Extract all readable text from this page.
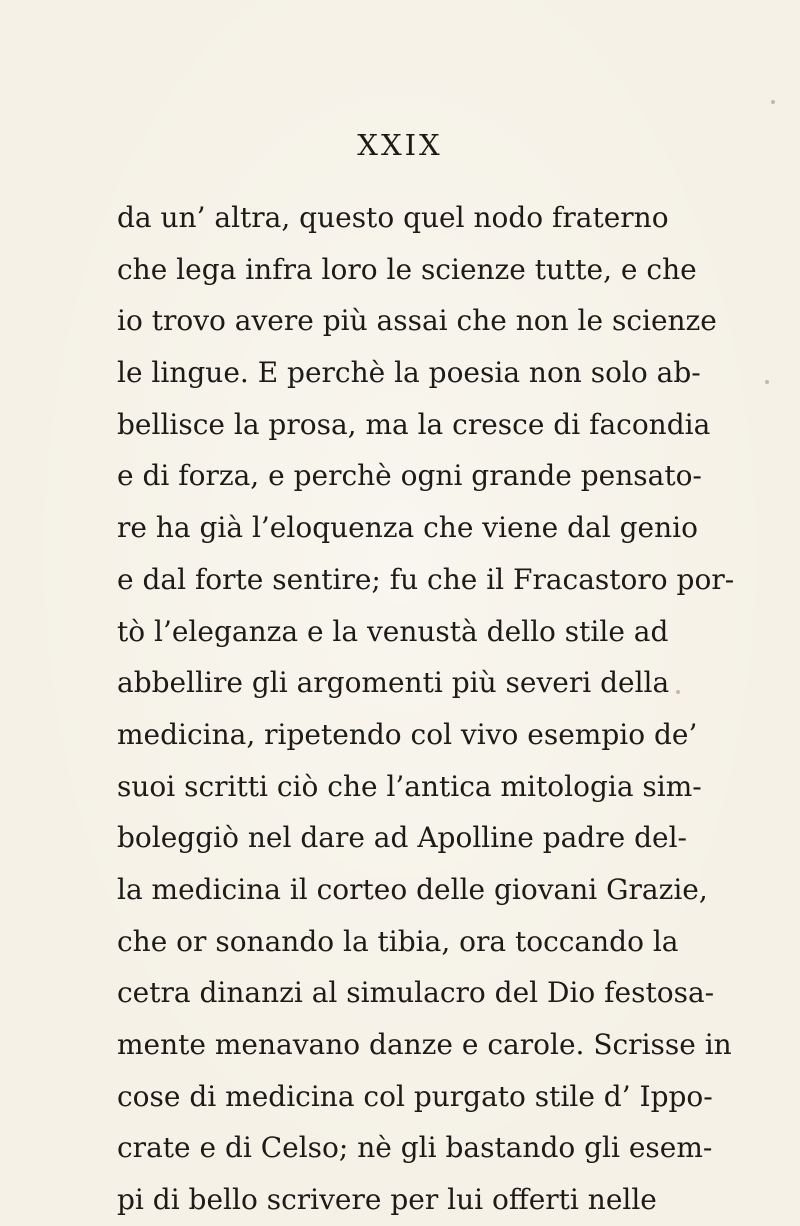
XXIX
da un’ altra, questo quel nodo fraterno
che lega infra loro le scienze tutte, e che
io trovo avere più assai che non le scienze
le lingue. E perchè la poesia non solo ab-
bellisce la prosa, ma la cresce di facondia
e di forza, e perchè ogni grande pensato-
re ha già l’eloquenza che viene dal genio
e dal forte sentire; fu che il Fracastoro por-
tò l’eleganza e la venustà dello stile ad
abbellire gli argomenti più severi della
medicina, ripetendo col vivo esempio de’
suoi scritti ciò che l’antica mitologia sim-
boleggiò nel dare ad Apolline padre del-
la medicina il corteo delle giovani Grazie,
che or sonando la tibia, ora toccando la
cetra dinanzi al simulacro del Dio festosa-
mente menavano danze e carole. Scrisse in
cose di medicina col purgato stile d’ Ippo-
crate e di Celso; nè gli bastando gli esem-
pi di bello scrivere per lui offerti nelle
